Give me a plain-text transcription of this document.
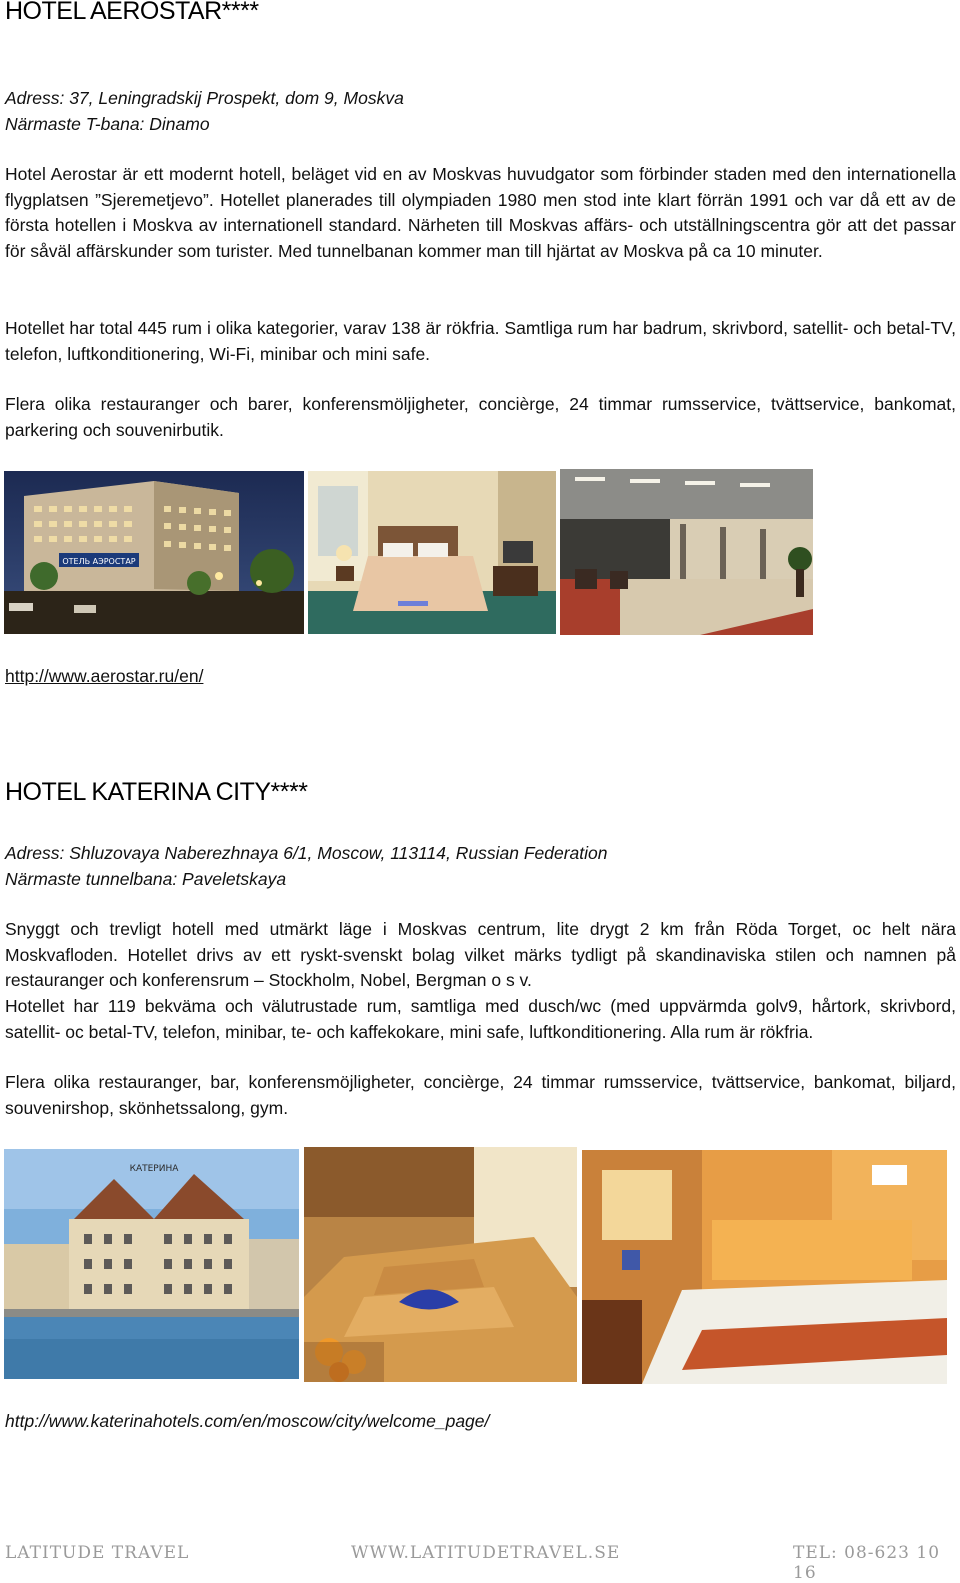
HOTEL AEROSTAR****
Adress: 37, Leningradskij Prospekt, dom 9, Moskva
Närmaste T-bana: Dinamo

Hotel Aerostar är ett modernt hotell, beläget vid en av Moskvas huvudgator som förbinder staden med den internationella flygplatsen ”Sjeremetjevo”. Hotellet planerades till olympiaden 1980 men stod inte klart förrän 1991 och var då ett av de första hotellen i Moskva av internationell standard. Närheten till Moskvas affärs- och utställningscentra gör att det passar för såväl affärskunder som turister. Med tunnelbanan kommer man till hjärtat av Moskva på ca 10 minuter.

Hotellet har total 445 rum i olika kategorier, varav 138 är rökfria. Samtliga rum har badrum, skrivbord, satellit- och betal-TV, telefon, luftkonditionering, Wi-Fi, minibar och mini safe.

Flera olika restauranger och barer, konferensmöljigheter, concièrge, 24 timmar rumsservice, tvättservice, bankomat, parkering och souvenirbutik.

ОТЕЛЬ АЭРОСТАР
http://www.aerostar.ru/en/
HOTEL KATERINA CITY****
Adress: Shluzovaya Naberezhnaya 6/1, Moscow, 113114, Russian Federation
Närmaste tunnelbana: Paveletskaya

Snyggt och trevligt hotell med utmärkt läge i Moskvas centrum, lite drygt 2 km från Röda Torget, oc helt nära Moskvafloden. Hotellet drivs av ett ryskt-svenskt bolag vilket märks tydligt på skandinaviska stilen och namnen på restauranger och konferensrum – Stockholm, Nobel, Bergman o s v.

Hotellet har 119 bekväma och välutrustade rum, samtliga med dusch/wc (med uppvärmda golv9, hårtork, skrivbord, satellit- oc betal-TV, telefon, minibar, te- och kaffekokare, mini safe, luftkonditionering. Alla rum är rökfria.

Flera olika restauranger, bar, konferensmöjligheter, concièrge, 24 timmar rumsservice, tvättservice, bankomat, biljard, souvenirshop, skönhetssalong, gym.

КАТЕРИНА
http://www.katerinahotels.com/en/moscow/city/welcome_page/
LATITUDE TRAVEL	WWW.LATITUDETRAVEL.SE	TEL: 08-623 10 16
